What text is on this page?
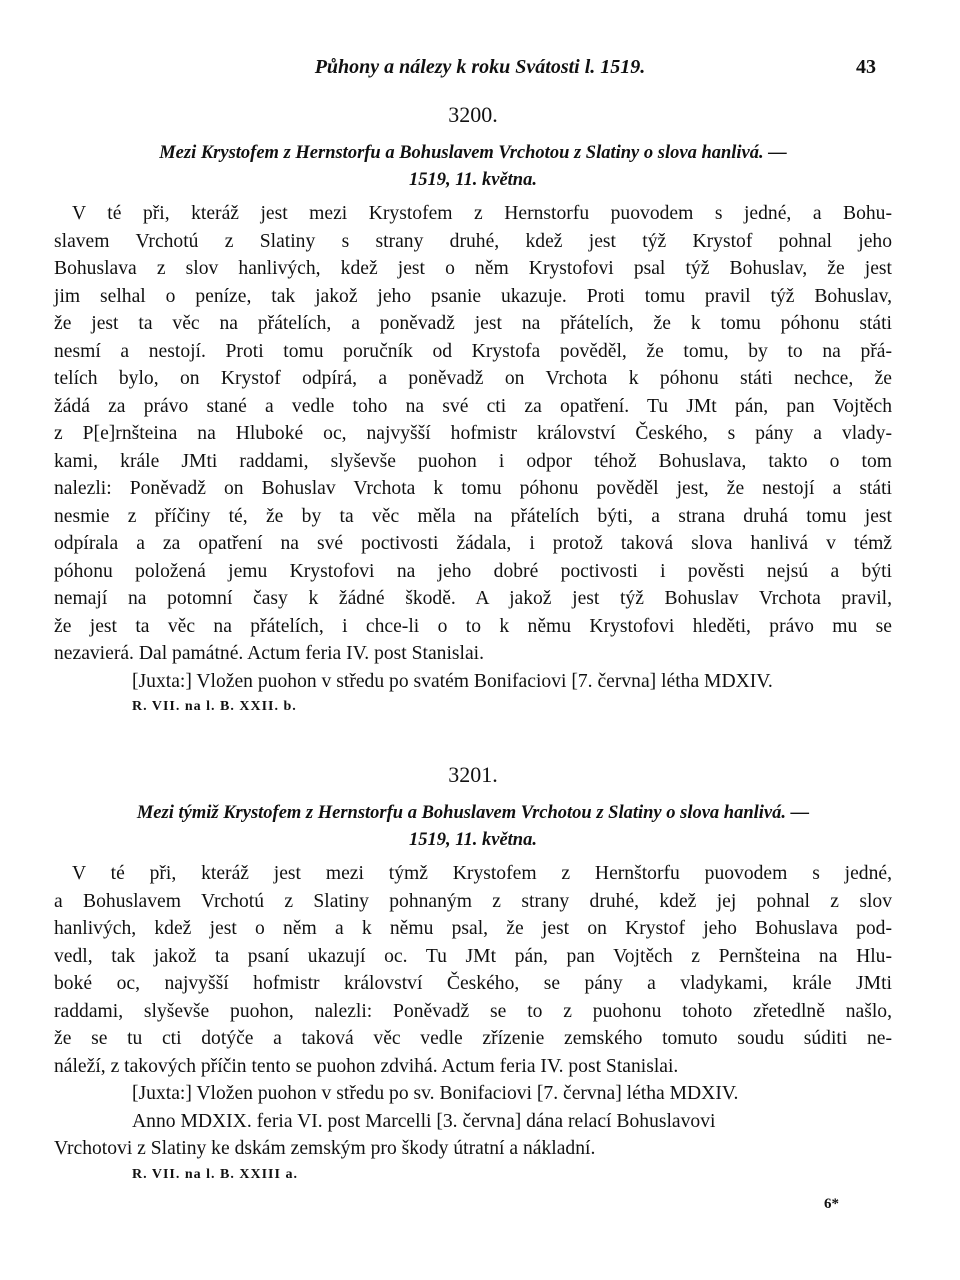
Půhony a nálezy k roku Svátosti l. 1519.	43
3200.
Mezi Krystofem z Hernstorfu a Bohuslavem Vrchotou z Slatiny o slova hanlivá. —
1519, 11. května.
V té při, kteráž jest mezi Krystofem z Hernstorfu puovodem s jedné, a Bohu-
slavem Vrchotú z Slatiny s strany druhé, kdež jest týž Krystof pohnal jeho
Bohuslava z slov hanlivých, kdež jest o něm Krystofovi psal týž Bohuslav, že jest
jim selhal o peníze, tak jakož jeho psanie ukazuje. Proti tomu pravil týž Bohuslav,
že jest ta věc na přátelích, a poněvadž jest na přátelích, že k tomu póhonu státi
nesmí a nestojí. Proti tomu poručník od Krystofa pověděl, že tomu, by to na přá-
telích bylo, on Krystof odpírá, a poněvadž on Vrchota k póhonu státi nechce, že
žádá za právo stané a vedle toho na své cti za opatření. Tu JMt pán, pan Vojtěch
z P[e]rnšteina na Hluboké oc, najvyšší hofmistr království Českého, s pány a vlady-
kami, krále JMti raddami, slyševše puohon i odpor téhož Bohuslava, takto o tom
nalezli: Poněvadž on Bohuslav Vrchota k tomu póhonu pověděl jest, že nestojí a státi
nesmie z příčiny té, že by ta věc měla na přátelích býti, a strana druhá tomu jest
odpírala a za opatření na své poctivosti žádala, i protož taková slova hanlivá v témž
póhonu položená jemu Krystofovi na jeho dobré poctivosti i pověsti nejsú a býti
nemají na potomní časy k žádné škodě. A jakož jest týž Bohuslav Vrchota pravil,
že jest ta věc na přátelích, i chce-li o to k němu Krystofovi hleděti, právo mu se
nezavierá. Dal památné. Actum feria IV. post Stanislai.
[Juxta:] Vložen puohon v středu po svatém Bonifaciovi [7. června] létha MDXIV.
R. VII. na l. B. XXII. b.
3201.
Mezi týmiž Krystofem z Hernstorfu a Bohuslavem Vrchotou z Slatiny o slova hanlivá. —
1519, 11. května.
V té při, kteráž jest mezi týmž Krystofem z Hernštorfu puovodem s jedné,
a Bohuslavem Vrchotú z Slatiny pohnaným z strany druhé, kdež jej pohnal z slov
hanlivých, kdež jest o něm a k němu psal, že jest on Krystof jeho Bohuslava pod-
vedl, tak jakož ta psaní ukazují oc. Tu JMt pán, pan Vojtěch z Pernšteina na Hlu-
boké oc, najvyšší hofmistr království Českého, se pány a vladykami, krále JMti
raddami, slyševše puohon, nalezli: Poněvadž se to z puohonu tohoto zřetedlně našlo,
že se tu cti dotýče a taková věc vedle zřízenie zemského tomuto soudu súditi ne-
náleží, z takových příčin tento se puohon zdvihá. Actum feria IV. post Stanislai.
[Juxta:] Vložen puohon v středu po sv. Bonifaciovi [7. června] létha MDXIV.
Anno MDXIX. feria VI. post Marcelli [3. června] dána relací Bohuslavovi
Vrchotovi z Slatiny ke dskám zemským pro škody útratní a nákladní.
R. VII. na l. B. XXIII a.
6*
